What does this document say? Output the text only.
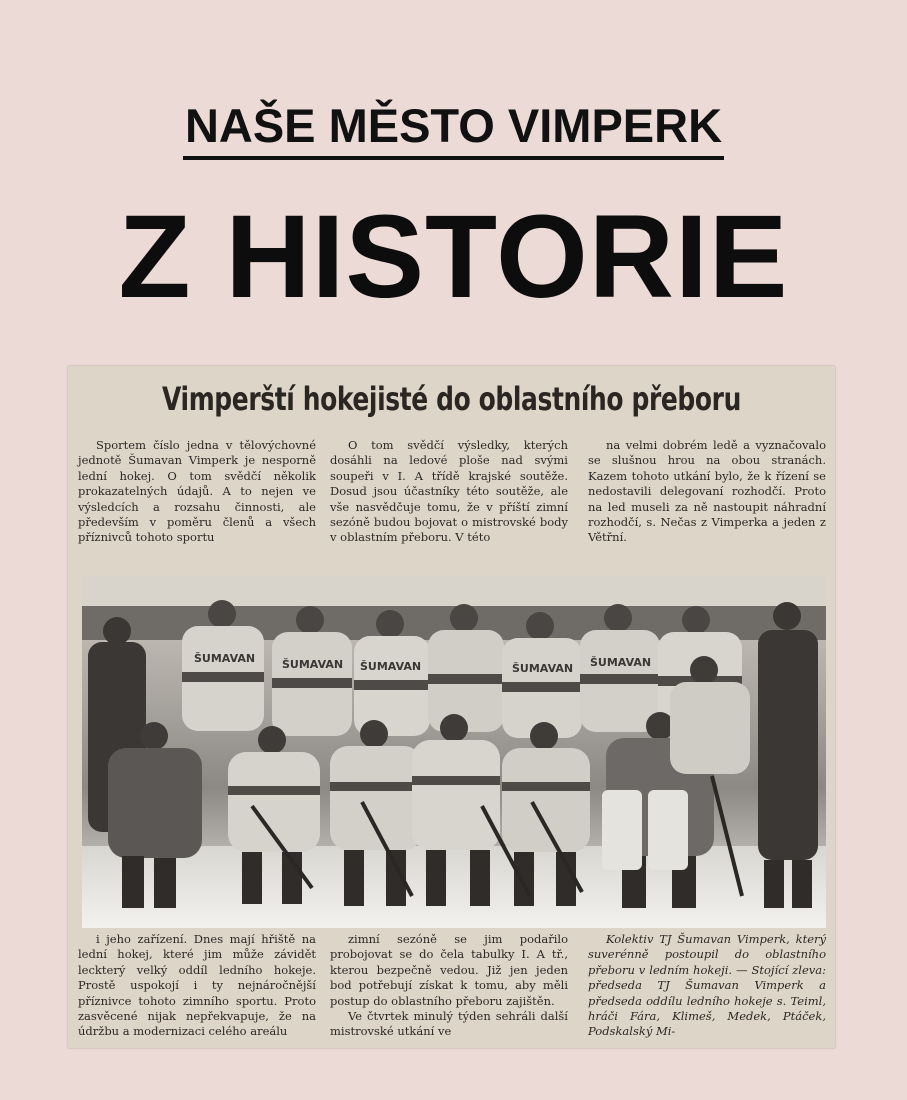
NAŠE MĚSTO VIMPERK
Z HISTORIE
Vimperští hokejisté do oblastního přeboru

Sportem číslo jedna v tělovýchovné jednotě Šumavan Vimperk je nesporně lední hokej. O tom svědčí několik prokazatelných údajů. A to nejen ve výsledcích a rozsahu činnosti, ale především v poměru členů a všech příznivců tohoto sportu

O tom svědčí výsledky, kterých dosáhli na ledové ploše nad svými soupeři v I. A třídě krajské soutěže. Dosud jsou účastníky této soutěže, ale vše nasvědčuje tomu, že v příští zimní sezóně budou bojovat o mistrovské body v oblastním přeboru. V této

na velmi dobrém ledě a vyznačovalo se slušnou hrou na obou stranách. Kazem tohoto utkání bylo, že k řízení se nedostavili delegovaní rozhodčí. Proto na led museli za ně nastoupit náhradní rozhodčí, s. Nečas z Vimperka a jeden z Větřní.

ŠUMAVAN ŠUMAVAN ŠUMAVAN	ŠUMAVAN ŠUMAVAN

i jeho zařízení. Dnes mají hřiště na lední hokej, které jim může závidět leckterý velký oddíl ledního hokeje. Prostě uspokojí i ty nejnáročnější příznivce tohoto zimního sportu. Proto zasvěcené nijak nepřekvapuje, že na údržbu a modernizaci celého areálu

zimní sezóně se jim podařilo probojovat se do čela tabulky I. A tř., kterou bezpečně vedou. Již jen jeden bod potřebují získat k tomu, aby měli postup do oblastního přeboru zajištěn.

Ve čtvrtek minulý týden sehráli další mistrovské utkání ve

Kolektiv TJ Šumavan Vimperk, který suverénně postoupil do oblastního přeboru v ledním hokeji. — Stojící zleva: předseda TJ Šumavan Vimperk a předseda oddílu ledního hokeje s. Teiml, hráči Fára, Klimeš, Medek, Ptáček, Podskalský Mi-
